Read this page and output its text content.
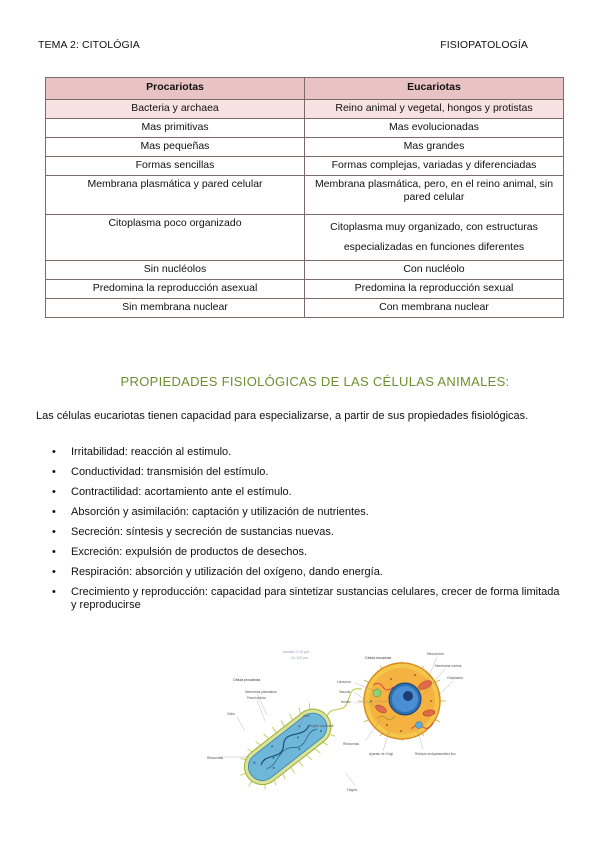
TEMA 2: CITOLÓGIA	FISIOPATOLOGÍA
Procariotas	Eucariotas
Bacteria y archaea	Reino animal y vegetal, hongos y protistas
Mas primitivas	Mas evolucionadas
Mas pequeñas	Mas grandes
Formas sencillas	Formas complejas, variadas y diferenciadas
Membrana plasmática y pared celular	Membrana plasmática, pero, en el reino animal, sin pared celular
Citoplasma poco organizado	Citoplasma muy organizado, con estructuras especializadas en funciones diferentes
Sin nucléolos	Con nucléolo
Predomina la reproducción asexual	Predomina la reproducción sexual
Sin membrana nuclear	Con membrana nuclear
PROPIEDADES FISIOLÓGICAS DE LAS CÉLULAS ANIMALES:
Las células eucariotas tienen capacidad para especializarse, a partir de sus propiedades fisiológicas.
• Irritabilidad: reacción al estimulo.
• Conductividad: transmisión del estímulo.
• Contractilidad: acortamiento ante el estímulo.
• Absorción y asimilación: captación y utilización de nutrientes.
• Secreción: síntesis y secreción de sustancias nuevas.
• Excreción: expulsión de productos de desechos.
• Respiración: absorción y utilización del oxígeno, dando energía.
• Crecimiento y reproducción: capacidad para sintetizar sustancias celulares, crecer de forma limitada y reproducirse
tamaño 1-10 µm
10-100 µm
Célula procariota
Membrana plasmática
Pared celular
Cilios	ADN
Región nucleoide
Ribosomas
Flagelo
Célula eucariota
Mitocondria
Membrana nuclear
Citoplasma
Lisosoma
Vacuola
Núcleo
Ribosomas
Aparato de Golgi	Retículo endoplasmático liso
